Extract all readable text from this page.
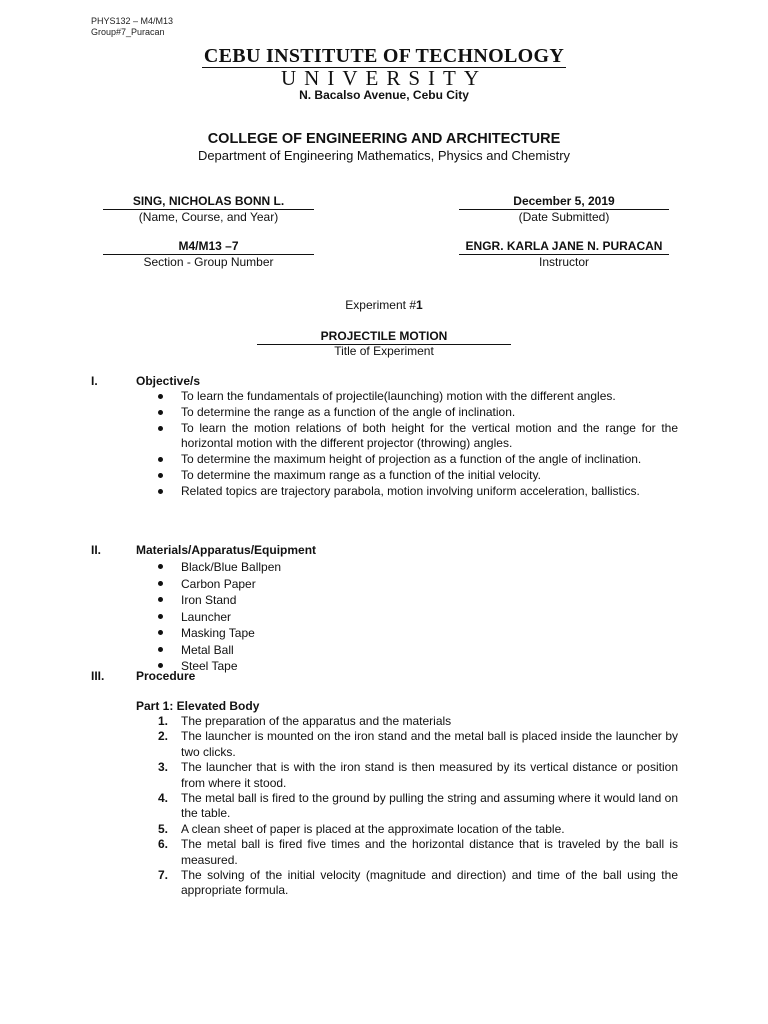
PHYS132 – M4/M13
Group#7_Puracan
CEBU INSTITUTE OF TECHNOLOGY
UNIVERSITY
N. Bacalso Avenue, Cebu City
COLLEGE OF ENGINEERING AND ARCHITECTURE
Department of Engineering Mathematics, Physics and Chemistry
SING, NICHOLAS BONN L.
(Name, Course, and Year)
December 5, 2019
(Date Submitted)
M4/M13 –7
Section - Group Number
ENGR. KARLA JANE N. PURACAN
Instructor
Experiment #1
PROJECTILE MOTION
Title of Experiment
I.	Objective/s
To learn the fundamentals of projectile(launching) motion with the different angles.
To determine the range as a function of the angle of inclination.
To learn the motion relations of both height for the vertical motion and the range for the horizontal motion with the different projector (throwing) angles.
To determine the maximum height of projection as a function of the angle of inclination.
To determine the maximum range as a function of the initial velocity.
Related topics are trajectory parabola, motion involving uniform acceleration, ballistics.
II.	Materials/Apparatus/Equipment
Black/Blue Ballpen
Carbon Paper
Iron Stand
Launcher
Masking Tape
Metal Ball
Steel Tape
III.	Procedure
Part 1: Elevated Body
1. The preparation of the apparatus and the materials
2. The launcher is mounted on the iron stand and the metal ball is placed inside the launcher by two clicks.
3. The launcher that is with the iron stand is then measured by its vertical distance or position from where it stood.
4. The metal ball is fired to the ground by pulling the string and assuming where it would land on the table.
5. A clean sheet of paper is placed at the approximate location of the table.
6. The metal ball is fired five times and the horizontal distance that is traveled by the ball is measured.
7. The solving of the initial velocity (magnitude and direction) and time of the ball using the appropriate formula.
